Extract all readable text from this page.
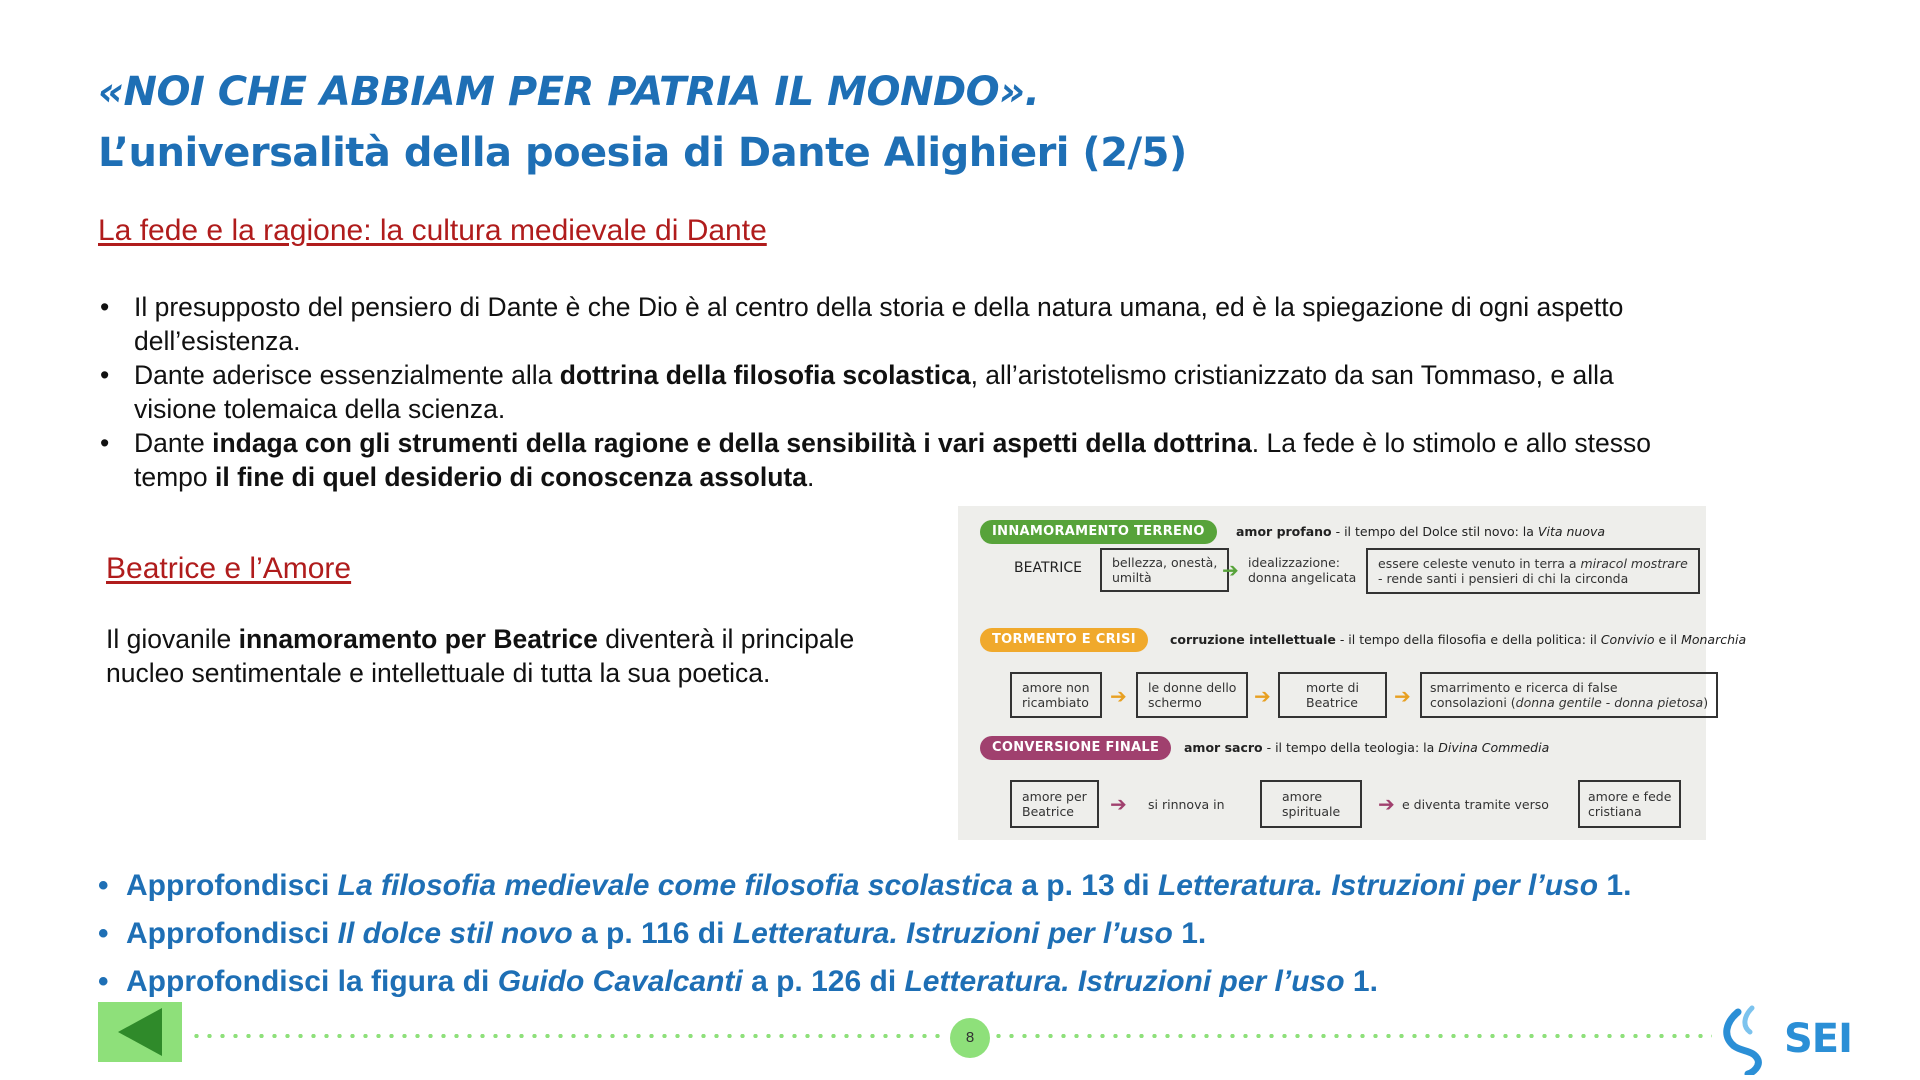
«NOI CHE ABBIAM PER PATRIA IL MONDO».
L’universalità della poesia di Dante Alighieri (2/5)
La fede e la ragione: la cultura medievale di Dante
• Il presupposto del pensiero di Dante è che Dio è al centro della storia e della natura umana, ed è la spiegazione di ogni aspetto dell’esistenza.
• Dante aderisce essenzialmente alla dottrina della filosofia scolastica, all’aristotelismo cristianizzato da san Tommaso, e alla visione tolemaica della scienza.
• Dante indaga con gli strumenti della ragione e della sensibilità i vari aspetti della dottrina. La fede è lo stimolo e allo stesso tempo il fine di quel desiderio di conoscenza assoluta.
Beatrice e l’Amore
Il giovanile innamoramento per Beatrice diventerà il principale nucleo sentimentale e intellettuale di tutta la sua poetica.
INNAMORAMENTO TERRENO	amor profano - il tempo del Dolce stil novo: la Vita nuova
BEATRICE bellezza, onestà,
umiltà	➔ idealizzazione:
donna angelicata
essere celeste venuto in terra a miracol mostrare
- rende santi i pensieri di chi la circonda
TORMENTO E CRISI	corruzione intellettuale - il tempo della filosofia e della politica: il Convivio e il Monarchia
amore non
ricambiato ➔ le donne dello
schermo	➔	morte di
Beatrice ➔ smarrimento e ricerca di false
consolazioni (donna gentile - donna pietosa)
CONVERSIONE FINALE	amor sacro - il tempo della teologia: la Divina Commedia
amore per
Beatrice	➔ si rinnova in	amore
spirituale ➔ e diventa tramite verso	amore e fede
cristiana
• Approfondisci La filosofia medievale come filosofia scolastica a p. 13 di Letteratura. Istruzioni per l’uso 1.
• Approfondisci Il dolce stil novo a p. 116 di Letteratura. Istruzioni per l’uso 1.
• Approfondisci la figura di Guido Cavalcanti a p. 126 di Letteratura. Istruzioni per l’uso 1.
8	SEI
